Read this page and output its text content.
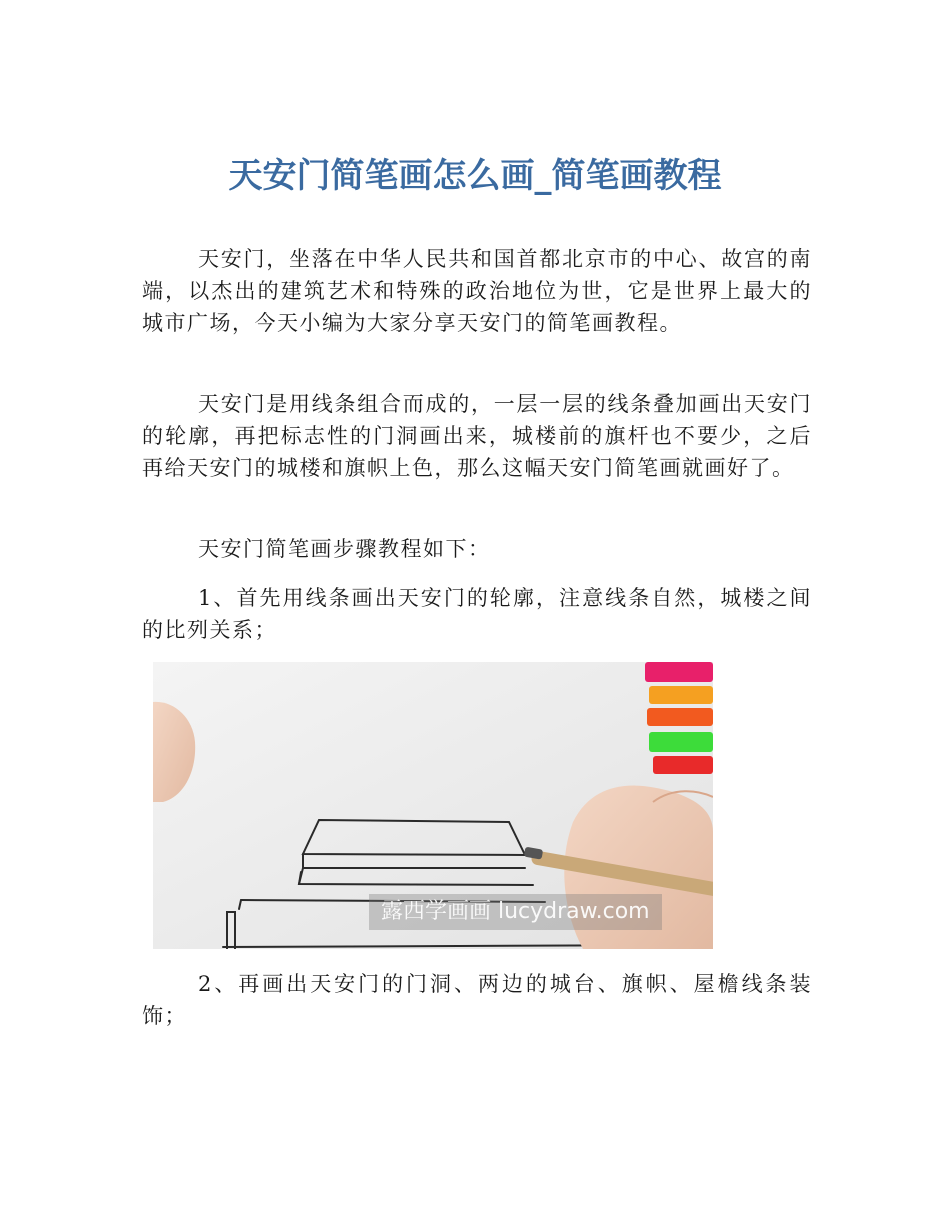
天安门简笔画怎么画_简笔画教程

天安门，坐落在中华人民共和国首都北京市的中心、故宫的南端，以杰出的建筑艺术和特殊的政治地位为世，它是世界上最大的城市广场，今天小编为大家分享天安门的简笔画教程。

天安门是用线条组合而成的，一层一层的线条叠加画出天安门的轮廓，再把标志性的门洞画出来，城楼前的旗杆也不要少，之后再给天安门的城楼和旗帜上色，那么这幅天安门简笔画就画好了。

天安门简笔画步骤教程如下：

1、首先用线条画出天安门的轮廓，注意线条自然，城楼之间的比列关系；

露西学画画 lucydraw.com

2、再画出天安门的门洞、两边的城台、旗帜、屋檐线条装饰；
